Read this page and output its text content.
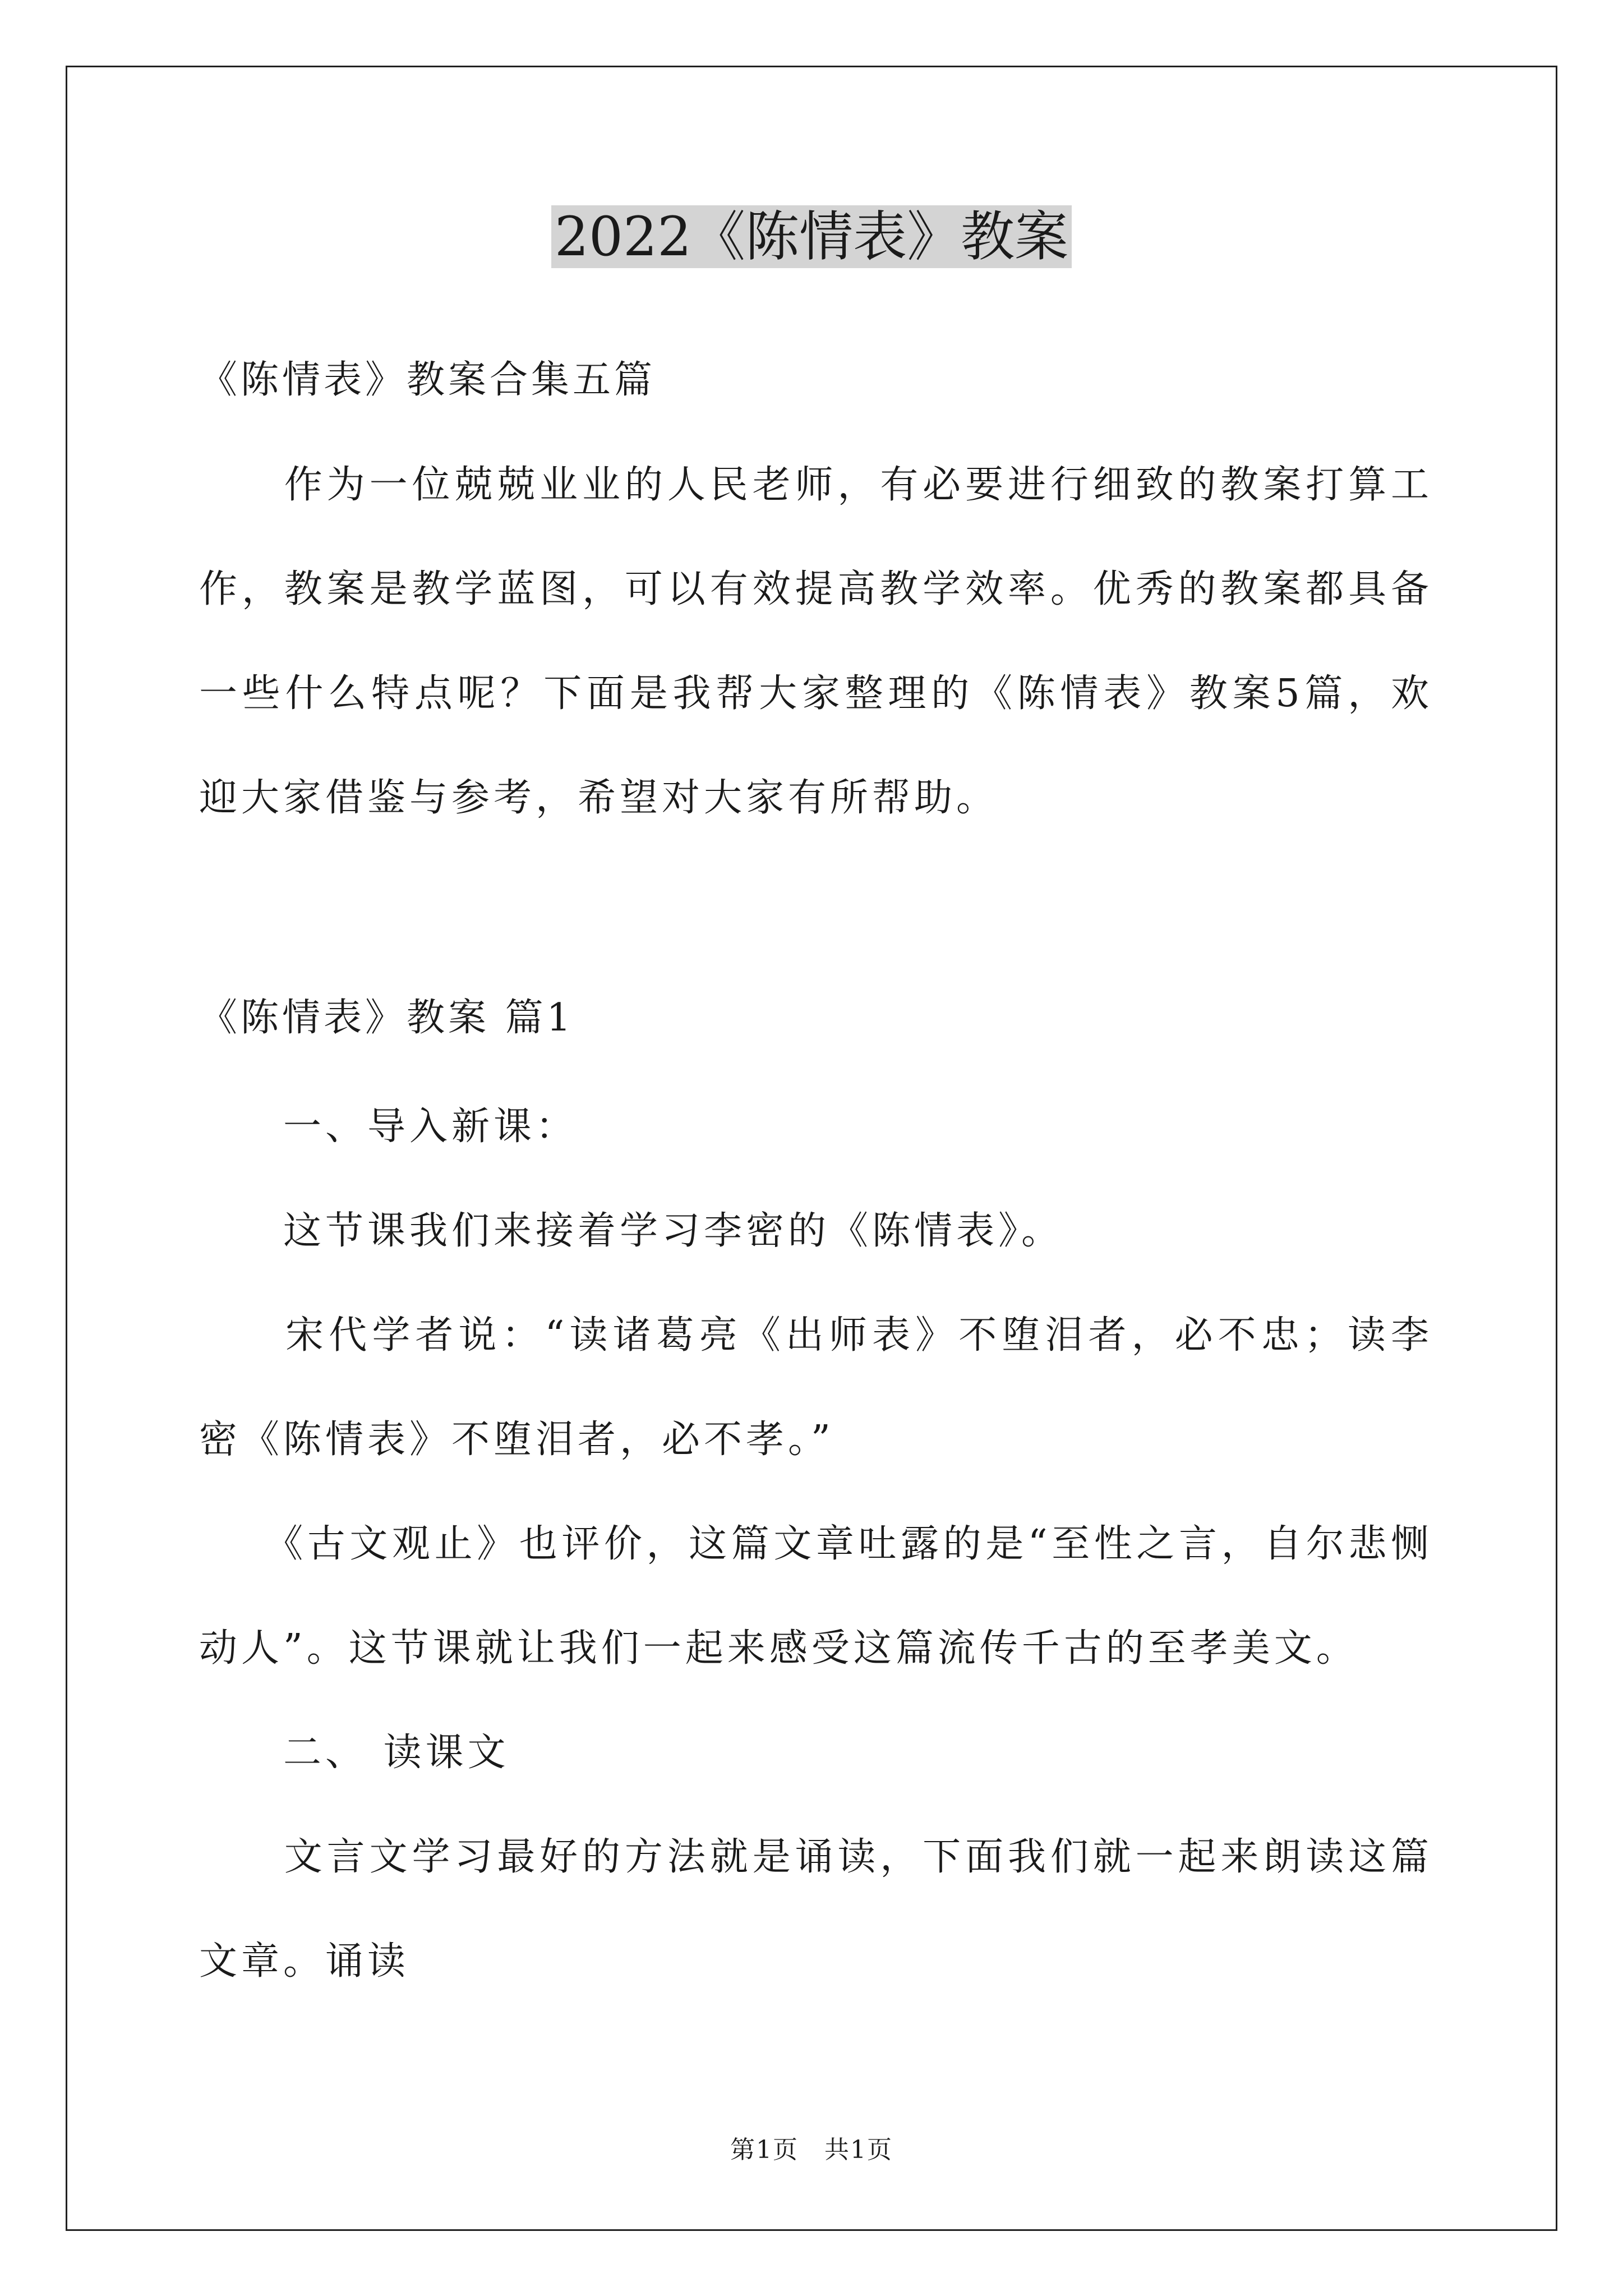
2022《陈情表》教案
《陈情表》教案合集五篇
　　作为一位兢兢业业的人民老师，有必要进行细致的教案打算工作，教案是教学蓝图，可以有效提高教学效率。优秀的教案都具备一些什么特点呢？下面是我帮大家整理的《陈情表》教案5篇，欢迎大家借鉴与参考，希望对大家有所帮助。
《陈情表》教案 篇1
　　一、导入新课：
　　这节课我们来接着学习李密的《陈情表》。
　　宋代学者说：“读诸葛亮《出师表》不堕泪者，必不忠；读李密《陈情表》不堕泪者，必不孝。”
　　《古文观止》也评价，这篇文章吐露的是“至性之言，自尔悲恻动人”。这节课就让我们一起来感受这篇流传千古的至孝美文。
　　二、 读课文
　　文言文学习最好的方法就是诵读，下面我们就一起来朗读这篇文章。诵读
第1页　共1页
